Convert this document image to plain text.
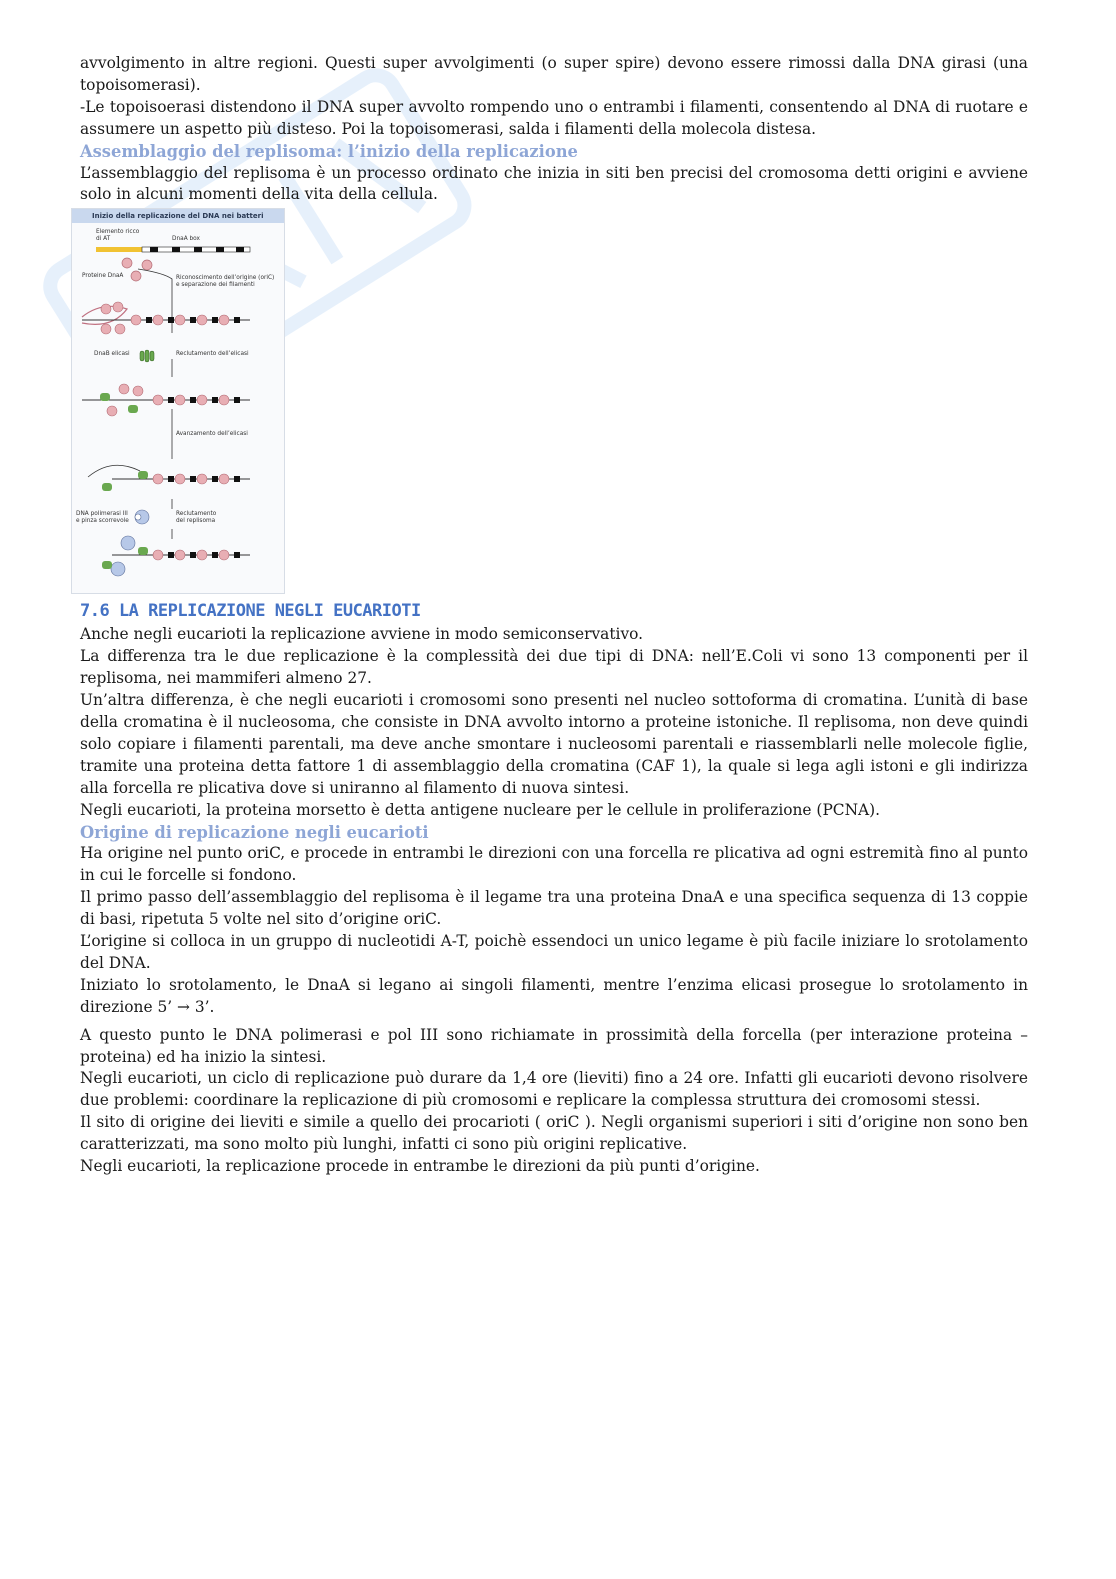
avvolgimento in altre regioni. Questi super avvolgimenti (o super spire) devono essere rimossi dalla DNA girasi (una topoisomerasi).

-Le topoisoerasi distendono il DNA super avvolto rompendo uno o entrambi i filamenti, consentendo al DNA di ruotare e assumere un aspetto più disteso. Poi la topoisomerasi, salda i filamenti della molecola distesa.

Assemblaggio del replisoma: l’inizio della replicazione

L’assemblaggio del replisoma è un processo ordinato che inizia in siti ben precisi del cromosoma detti origini e avviene solo in alcuni momenti della vita della cellula.

Inizio della replicazione del DNA nei batteri
Elemento ricco
di AT	DnaA box
Proteine DnaA	Riconoscimento dell’origine (oriC)
e separazione dei filamenti
DnaB elicasi	Reclutamento dell’elicasi
Avanzamento dell’elicasi
DNA polimerasi III
e pinza scorrevole
Reclutamento
del replisoma
7.6 LA REPLICAZIONE NEGLI EUCARIOTI

Anche negli eucarioti la replicazione avviene in modo semiconservativo.

La differenza tra le due replicazione è la complessità dei due tipi di DNA: nell’E.Coli vi sono 13 componenti per il replisoma, nei mammiferi almeno 27.

Un’altra differenza, è che negli eucarioti i cromosomi sono presenti nel nucleo sottoforma di cromatina. L’unità di base della cromatina è il nucleosoma, che consiste in DNA avvolto intorno a proteine istoniche. Il replisoma, non deve quindi solo copiare i filamenti parentali, ma deve anche smontare i nucleosomi parentali e riassemblarli nelle molecole figlie, tramite una proteina detta fattore 1 di assemblaggio della cromatina (CAF 1), la quale si lega agli istoni e gli indirizza alla forcella re plicativa dove si uniranno al filamento di nuova sintesi.

Negli eucarioti, la proteina morsetto è detta antigene nucleare per le cellule in proliferazione (PCNA).

Origine di replicazione negli eucarioti

Ha origine nel punto oriC, e procede in entrambi le direzioni con una forcella re plicativa ad ogni estremità fino al punto in cui le forcelle si fondono.

Il primo passo dell’assemblaggio del replisoma è il legame tra una proteina DnaA e una specifica sequenza di 13 coppie di basi, ripetuta 5 volte nel sito d’origine oriC.

L’origine si colloca in un gruppo di nucleotidi A-T, poichè essendoci un unico legame è più facile iniziare lo srotolamento del DNA.

Iniziato lo srotolamento, le DnaA si legano ai singoli filamenti, mentre l’enzima elicasi prosegue lo srotolamento in direzione 5’ → 3’.

A questo punto le DNA polimerasi e pol III sono richiamate in prossimità della forcella (per interazione proteina – proteina) ed ha inizio la sintesi.

Negli eucarioti, un ciclo di replicazione può durare da 1,4 ore (lieviti) fino a 24 ore. Infatti gli eucarioti devono risolvere due problemi: coordinare la replicazione di più cromosomi e replicare la complessa struttura dei cromosomi stessi.

Il sito di origine dei lieviti e simile a quello dei procarioti ( oriC ). Negli organismi superiori i siti d’origine non sono ben caratterizzati, ma sono molto più lunghi, infatti ci sono più origini replicative.

Negli eucarioti, la replicazione procede in entrambe le direzioni da più punti d’origine.
